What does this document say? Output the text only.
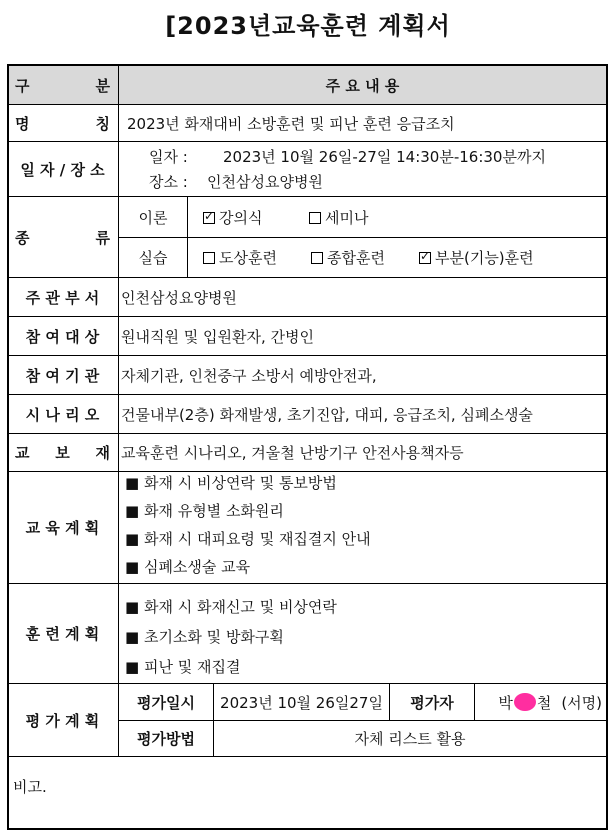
[2023년교육훈련 계획서
구	분	주 요 내 용
명	칭	2023년 화재대비 소방훈련 및 피난 훈련 응급조치
일 자 / 장 소
일자 : 2023년 10월 26일-27일 14:30분-16:30분까지
장소 : 인천삼성요양병원
종	류
이론
실습
✓
강의식	세미나
도상훈련	종합훈련
✓	부분(기능)훈련
주 관 부 서	인천삼성요양병원
참 여 대 상	원내직원 및 입원환자, 간병인
참 여 기 관	자체기관, 인천중구 소방서 예방안전과,
시 나 리 오	건물내부(2층) 화재발생, 초기진압, 대피, 응급조치, 심폐소생술
교 보 재 교육훈련 시나리오, 겨울철 난방기구 안전사용책자등
교 육 계 획
■ 화재 시 비상연락 및 통보방법
■ 화재 유형별 소화원리
■ 화재 시 대피요령 및 재집결지 안내
■ 심폐소생술 교육
훈 련 계 획
■ 화재 시 화재신고 및 비상연락
■ 초기소화 및 방화구획
■ 피난 및 재집결
평 가 계 획
평가일시	2023년 10월 26일27일	평가자	박 철 (서명)
평가방법	자체 리스트 활용
비고.
